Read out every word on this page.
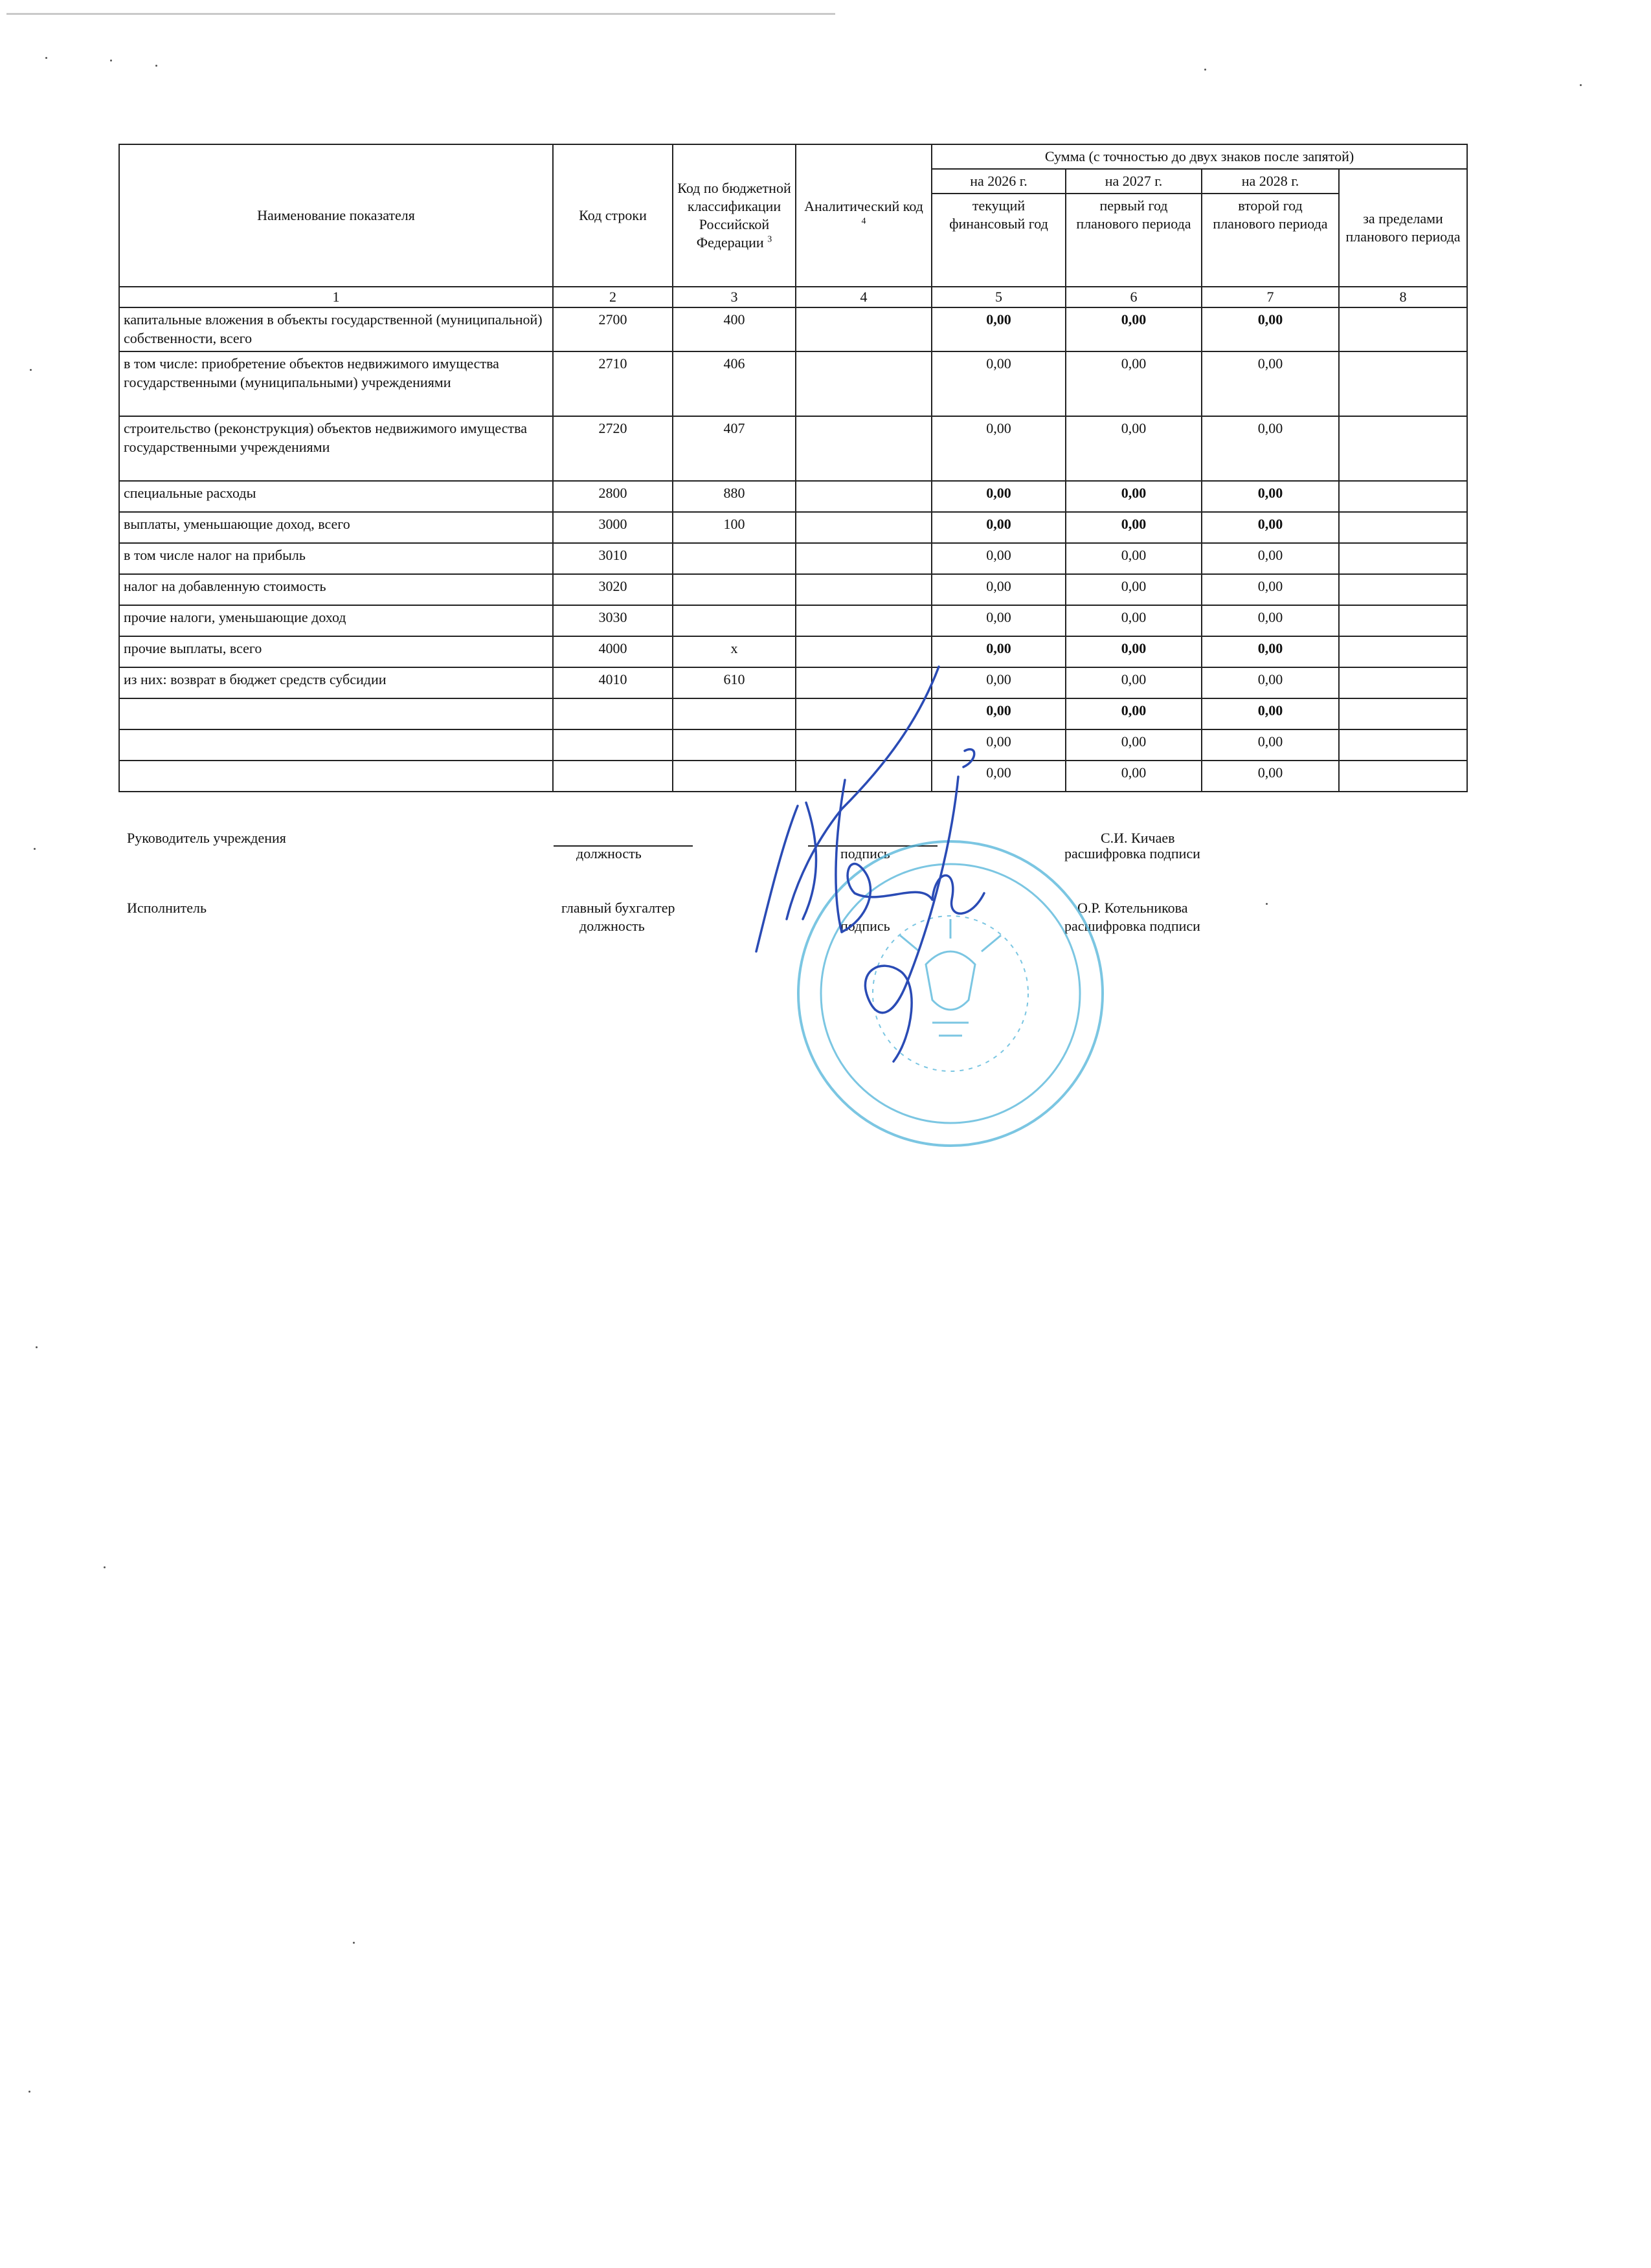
Наименование показателя	Код строки	Код по бюджетной классификации Российской Федерации $^3$	Аналитический код $^4$	Сумма (с точностью до двух знаков после запятой)			
				на 2026 г.	на 2027 г.	на 2028 г.	за пределами планового периода
				текущий финансовый год	первый год планового периода	второй год планового периода	
1	2	3	4	5	6	7	8
капитальные вложения в объекты государственной (муниципальной) собственности, всего	2700	400		0,00	0,00	0,00	
в том числе: приобретение объектов недвижимого имущества государственными (муниципальными) учреждениями	2710	406		0,00	0,00	0,00	
строительство (реконструкция) объектов недвижимого имущества государственными учреждениями	2720	407		0,00	0,00	0,00	
специальные расходы	2800	880		0,00	0,00	0,00	
выплаты, уменьшающие доход, всего	3000	100		0,00	0,00	0,00	
в том числе налог на прибыль	3010			0,00	0,00	0,00	
налог на добавленную стоимость	3020			0,00	0,00	0,00	
прочие налоги, уменьшающие доход	3030			0,00	0,00	0,00	
прочие выплаты, всего	4000	х		0,00	0,00	0,00	
из них: возврат в бюджет средств субсидии	4010	610		0,00	0,00	0,00	
				0,00	0,00	0,00	
				0,00	0,00	0,00	
				0,00	0,00	0,00	
Руководитель учреждения
должность	подпись
С.И. Кичаев
расшифровка подписи
Исполнитель	главный бухгалтер
должность	подпись
О.Р. Котельникова
расшифровка подписи
